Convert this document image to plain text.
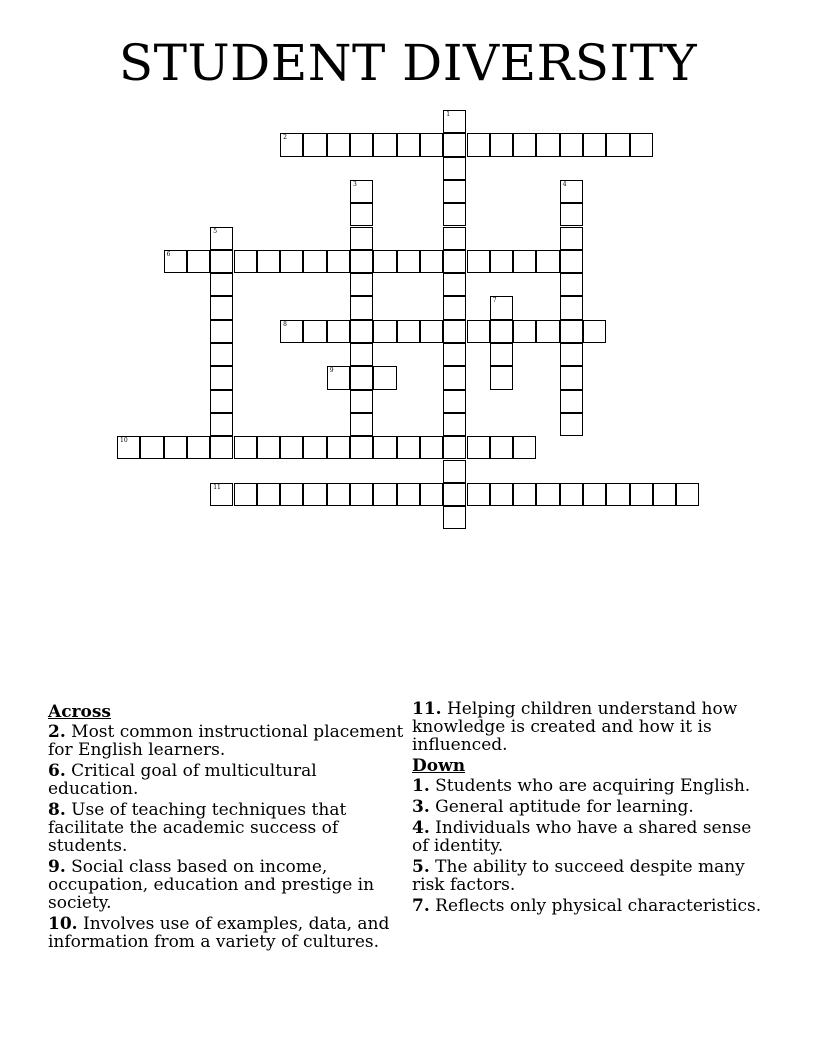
STUDENT DIVERSITY
1
2
3	4
5
6
7
8
9
10
11
Across
2. Most common instructional placement for English learners.
6. Critical goal of multicultural education.
8. Use of teaching techniques that facilitate the academic success of students.
9. Social class based on income, occupation, education and prestige in society.
10. Involves use of examples, data, and information from a variety of cultures.
11. Helping children understand how knowledge is created and how it is influenced.
Down
1. Students who are acquiring English.
3. General aptitude for learning.
4. Individuals who have a shared sense of identity.
5. The ability to succeed despite many risk factors.
7. Reflects only physical characteristics.
